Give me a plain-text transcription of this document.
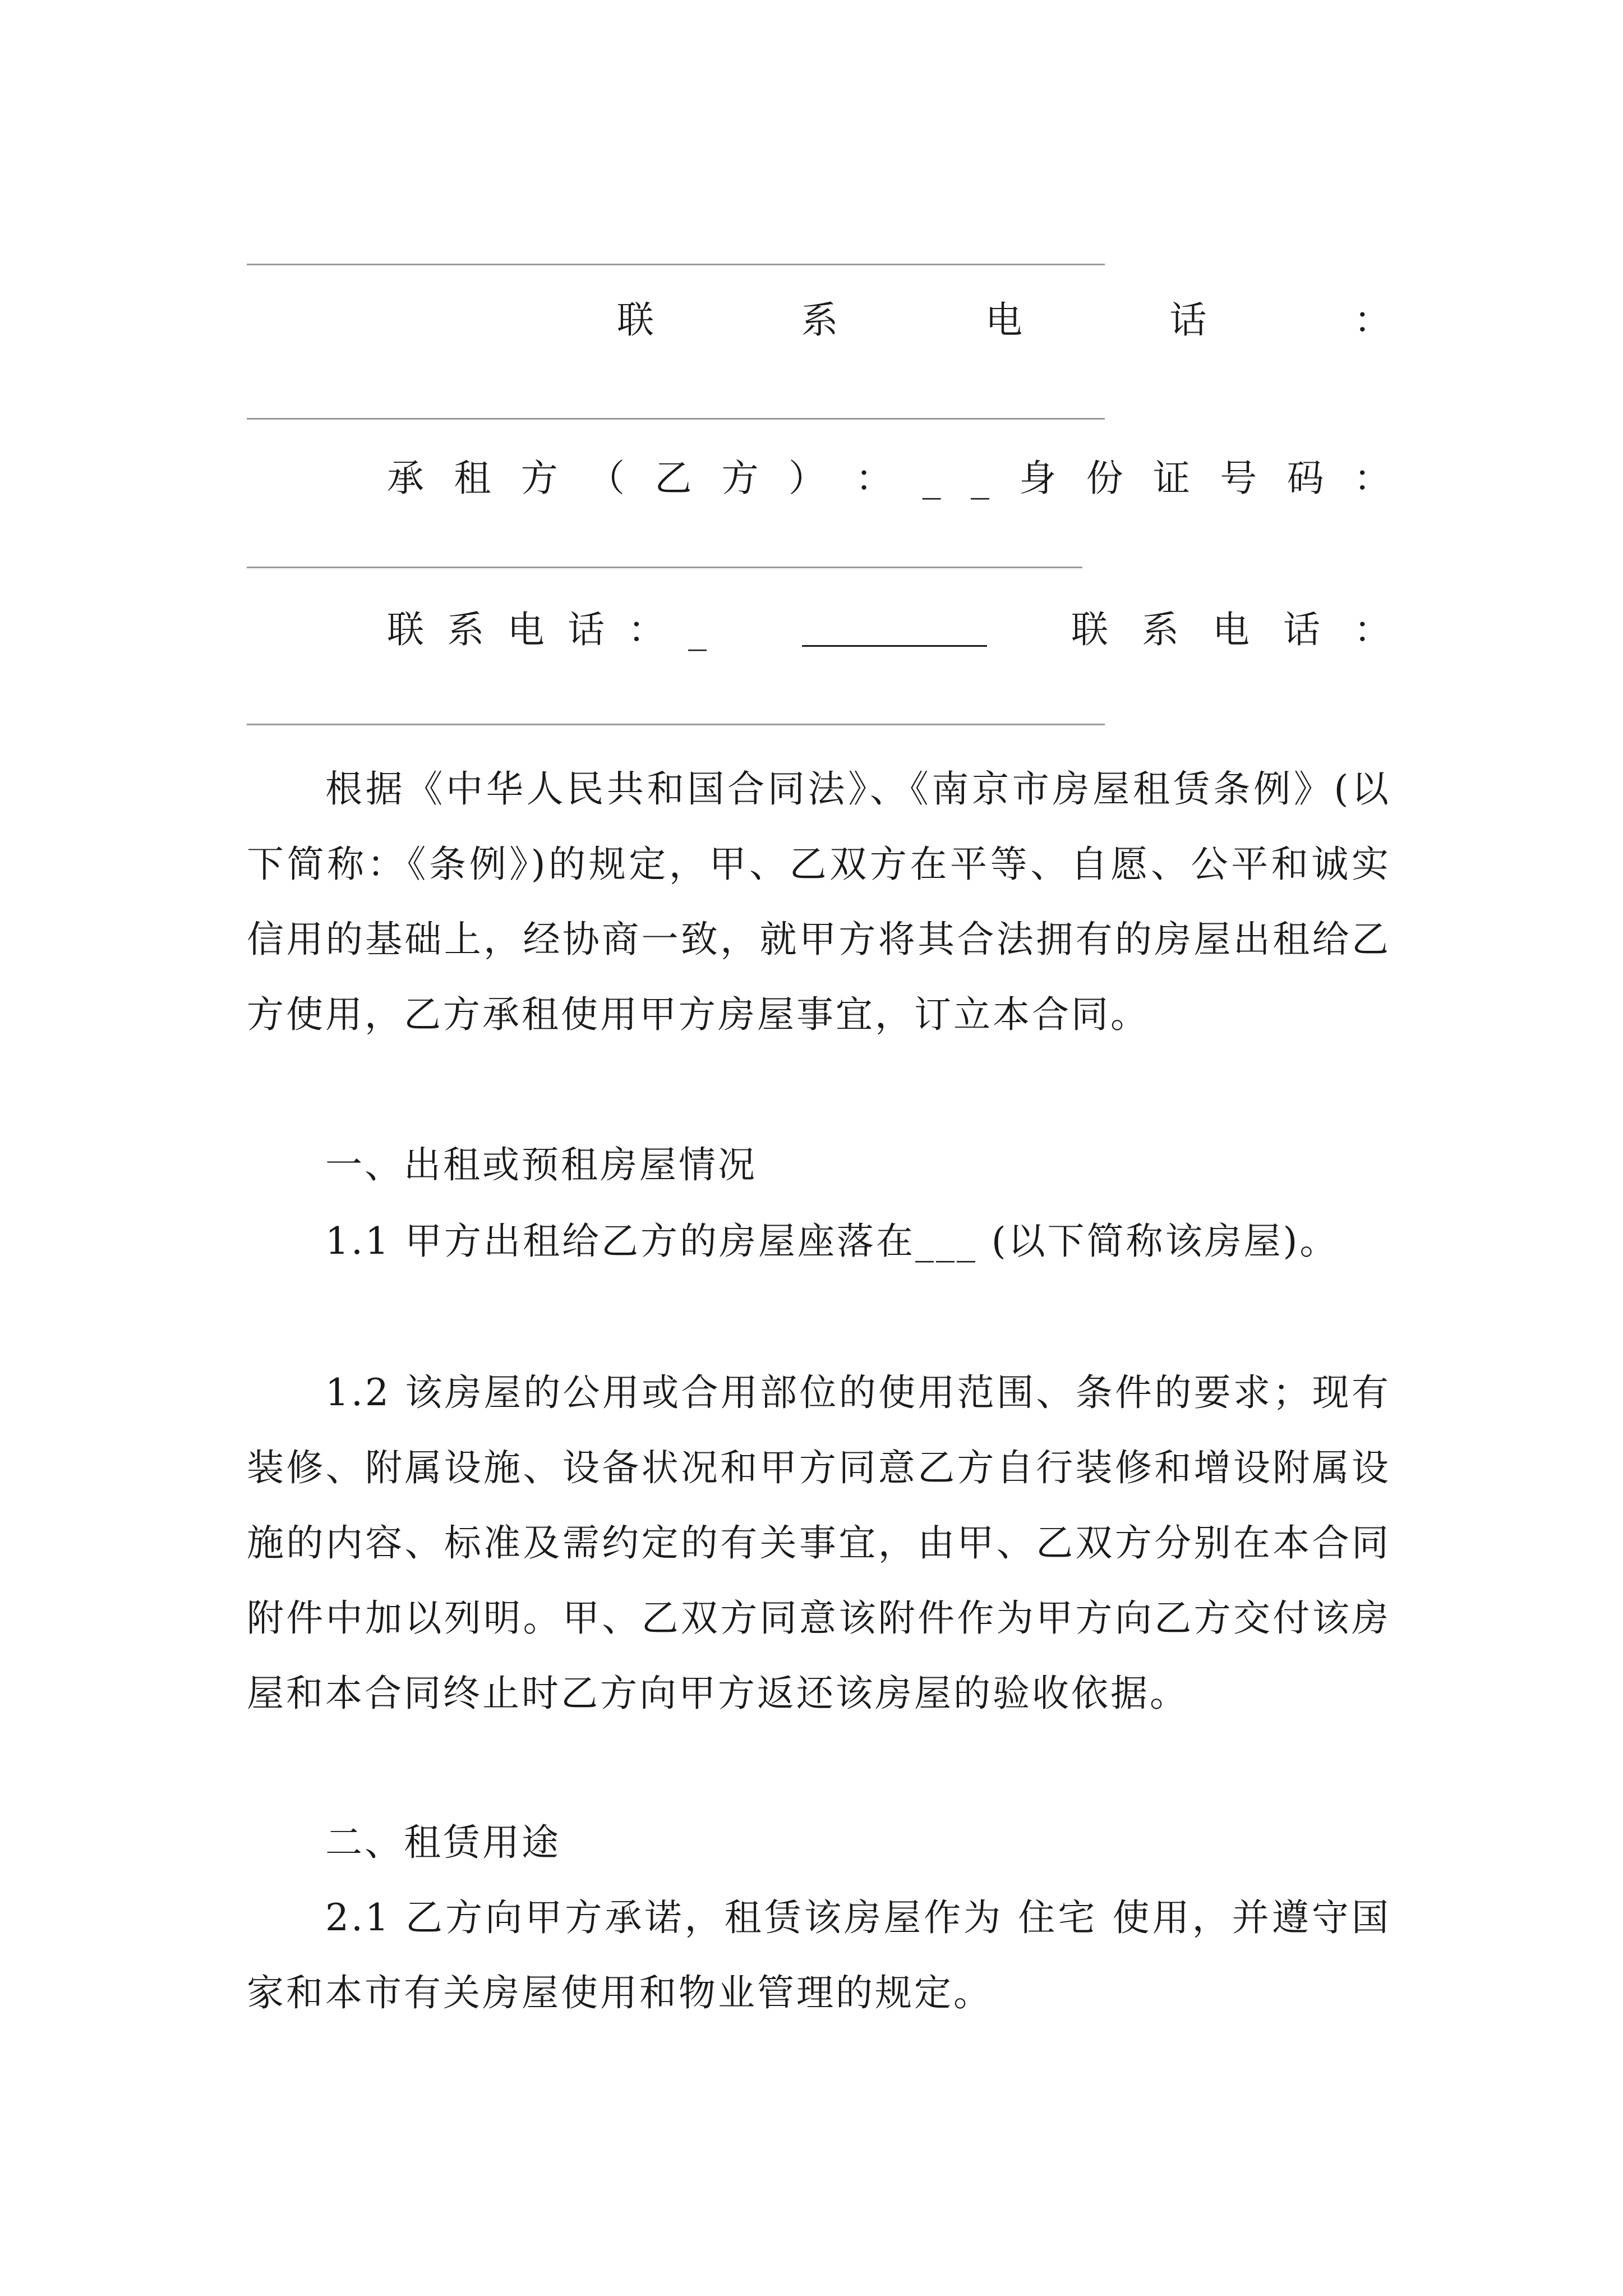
联	系	电	话	：
承 租 方 （ 乙 方 ） ： _ _ 身 份 证 号 码 ：
联 系 电 话 ： _	联 系 电 话 ：
根据《中华人民共和国合同法》、《南京市房屋租赁条例》(以下简称：《条例》)的规定，甲、乙双方在平等、自愿、公平和诚实信用的基础上，经协商一致，就甲方将其合法拥有的房屋出租给乙方使用，乙方承租使用甲方房屋事宜，订立本合同。
一、出租或预租房屋情况
1.1 甲方出租给乙方的房屋座落在___ (以下简称该房屋)。
1.2 该房屋的公用或合用部位的使用范围、条件的要求；现有装修、附属设施、设备状况和甲方同意乙方自行装修和增设附属设施的内容、标准及需约定的有关事宜，由甲、乙双方分别在本合同附件中加以列明。甲、乙双方同意该附件作为甲方向乙方交付该房屋和本合同终止时乙方向甲方返还该房屋的验收依据。
二、租赁用途
2.1 乙方向甲方承诺，租赁该房屋作为 住宅 使用，并遵守国家和本市有关房屋使用和物业管理的规定。
